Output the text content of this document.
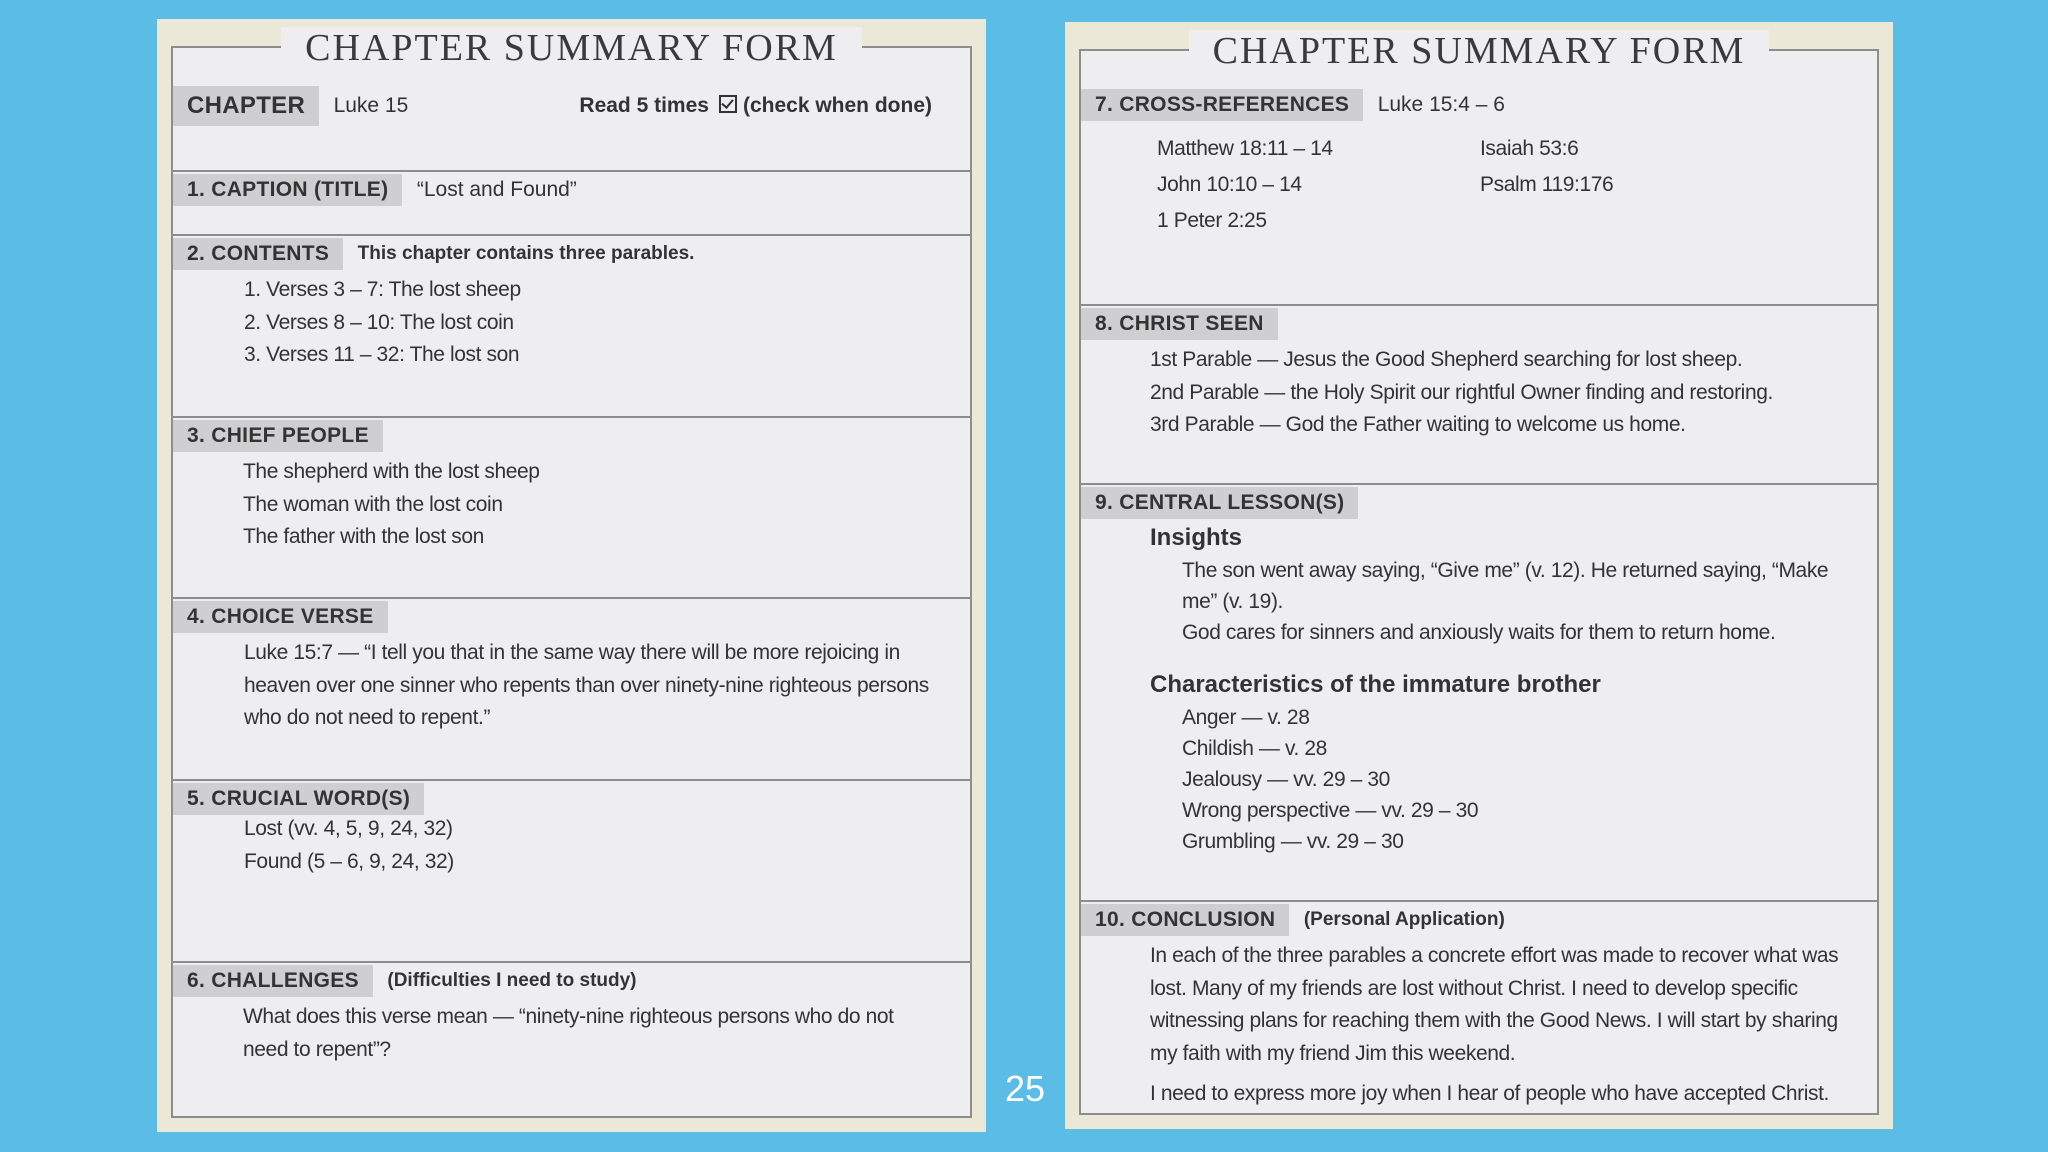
CHAPTER SUMMARY FORM
CHAPTER Luke 15	Read 5 times (check when done)
1. CAPTION (TITLE) “Lost and Found”
2. CONTENTS This chapter contains three parables.
1. Verses 3 – 7: The lost sheep
2. Verses 8 – 10: The lost coin
3. Verses 11 – 32: The lost son
3. CHIEF PEOPLE
The shepherd with the lost sheep
The woman with the lost coin
The father with the lost son
4. CHOICE VERSE
Luke 15:7 — “I tell you that in the same way there will be more rejoicing in
heaven over one sinner who repents than over ninety-nine righteous persons
who do not need to repent.”
5. CRUCIAL WORD(S)
Lost (vv. 4, 5, 9, 24, 32)
Found (5 – 6, 9, 24, 32)
6. CHALLENGES (Difficulties I need to study)
What does this verse mean — “ninety-nine righteous persons who do not
need to repent”?
25
CHAPTER SUMMARY FORM
7. CROSS-REFERENCES Luke 15:4 – 6
Matthew 18:11 – 14
John 10:10 – 14
1 Peter 2:25
Isaiah 53:6
Psalm 119:176
8. CHRIST SEEN
1st Parable — Jesus the Good Shepherd searching for lost sheep.
2nd Parable — the Holy Spirit our rightful Owner finding and restoring.
3rd Parable — God the Father waiting to welcome us home.
9. CENTRAL LESSON(S)
Insights
The son went away saying, “Give me” (v. 12). He returned saying, “Make
me” (v. 19).
God cares for sinners and anxiously waits for them to return home.
Characteristics of the immature brother
Anger — v. 28
Childish — v. 28
Jealousy — vv. 29 – 30
Wrong perspective — vv. 29 – 30
Grumbling — vv. 29 – 30
10. CONCLUSION (Personal Application)
In each of the three parables a concrete effort was made to recover what was
lost. Many of my friends are lost without Christ. I need to develop specific
witnessing plans for reaching them with the Good News. I will start by sharing
my faith with my friend Jim this weekend.
I need to express more joy when I hear of people who have accepted Christ.
